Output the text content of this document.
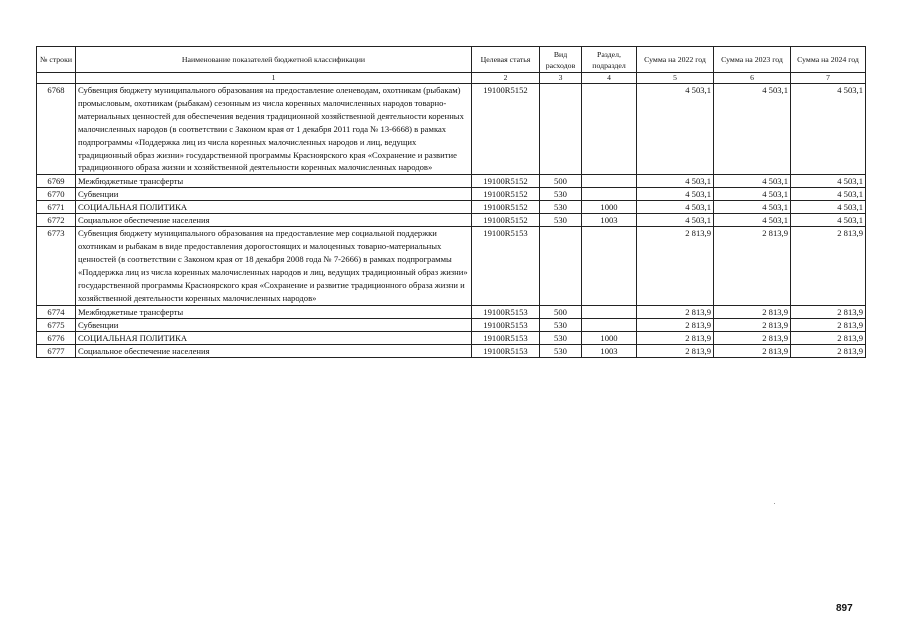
№ строки	Наименование показателей бюджетной классификации	Целевая статья	Вид расходов	Раздел, подраздел	Сумма на 2022 год	Сумма на 2023 год	Сумма на 2024 год
	1	2	3	4	5	6	7
6768	Субвенция бюджету муниципального образования на предоставление оленеводам, охотникам (рыбакам) промысловым, охотникам (рыбакам) сезонным из числа коренных малочисленных народов товарно-материальных ценностей для обеспечения ведения традиционной хозяйственной деятельности коренных малочисленных народов (в соответствии с Законом края от 1 декабря 2011 года № 13-6668) в рамках подпрограммы «Поддержка лиц из числа коренных малочисленных народов и лиц, ведущих традиционный образ жизни» государственной программы Красноярского края «Сохранение и развитие традиционного образа жизни и хозяйственной деятельности коренных малочисленных народов»	19100R5152			4 503,1	4 503,1	4 503,1
6769	Межбюджетные трансферты	19100R5152	500		4 503,1	4 503,1	4 503,1
6770	Субвенции	19100R5152	530		4 503,1	4 503,1	4 503,1
6771	СОЦИАЛЬНАЯ ПОЛИТИКА	19100R5152	530	1000	4 503,1	4 503,1	4 503,1
6772	Социальное обеспечение населения	19100R5152	530	1003	4 503,1	4 503,1	4 503,1
6773	Субвенция бюджету муниципального образования на предоставление мер социальной поддержки охотникам и рыбакам в виде предоставления дорогостоящих и малоценных товарно-материальных ценностей (в соответствии с Законом края от 18 декабря 2008 года № 7-2666) в рамках подпрограммы «Поддержка лиц из числа коренных малочисленных народов и лиц, ведущих традиционный образ жизни» государственной программы Красноярского края «Сохранение и развитие традиционного образа жизни и хозяйственной деятельности коренных малочисленных народов»	19100R5153			2 813,9	2 813,9	2 813,9
6774	Межбюджетные трансферты	19100R5153	500		2 813,9	2 813,9	2 813,9
6775	Субвенции	19100R5153	530		2 813,9	2 813,9	2 813,9
6776	СОЦИАЛЬНАЯ ПОЛИТИКА	19100R5153	530	1000	2 813,9	2 813,9	2 813,9
6777	Социальное обеспечение населения	19100R5153	530	1003	2 813,9	2 813,9	2 813,9
897
